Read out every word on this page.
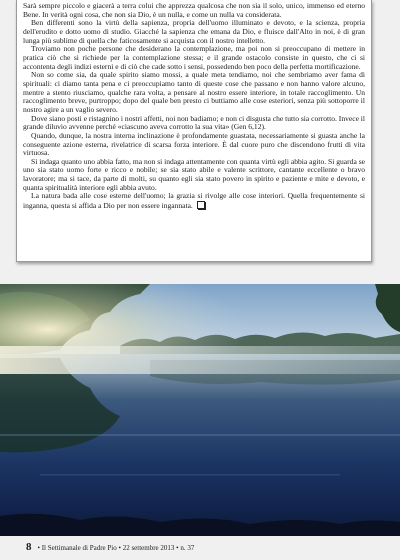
Sarà sempre piccolo e giacerà a terra colui che apprezza qualcosa che non sia il solo, unico, immenso ed eterno Bene. In verità ogni cosa, che non sia Dio, è un nulla, e come un nulla va considerata.

Ben differenti sono la virtù della sapienza, propria dell'uomo illuminato e devoto, e la scienza, propria dell'erudito e dotto uomo di studio. Giacché la sapienza che emana da Dio, e fluisce dall'Alto in noi, è di gran lunga più sublime di quella che faticosamente si acquista con il nostro intelletto.

Troviamo non poche persone che desiderano la contemplazione, ma poi non si preoccupano di mettere in pratica ciò che si richiede per la contemplazione stessa; e il grande ostacolo consiste in questo, che ci si accontenta degli indizi esterni e di ciò che cade sotto i sensi, possedendo ben poco della perfetta mortificazione.

Non so come sia, da quale spirito siamo mossi, a quale meta tendiamo, noi che sembriamo aver fama di spirituali: ci diamo tanta pena e ci preoccupiamo tanto di queste cose che passano e non hanno valore alcuno, mentre a stento riusciamo, qualche rara volta, a pensare al nostro essere interiore, in totale raccoglimento. Un raccoglimento breve, purtroppo; dopo del quale ben presto ci buttiamo alle cose esteriori, senza più sottoporre il nostro agire a un vaglio severo.

Dove siano posti e ristagnino i nostri affetti, noi non badiamo; e non ci disgusta che tutto sia corrotto. Invece il grande diluvio avvenne perché «ciascuno aveva corrotto la sua vita» (Gen 6,12).

Quando, dunque, la nostra interna inclinazione è profondamente guastata, necessariamente si guasta anche la conseguente azione esterna, rivelatrice di scarsa forza interiore. È dal cuore puro che discendono frutti di vita virtuosa.

Si indaga quanto uno abbia fatto, ma non si indaga attentamente con quanta virtù egli abbia agito. Si guarda se uno sia stato uomo forte e ricco e nobile; se sia stato abile e valente scrittore, cantante eccellente o bravo lavoratore; ma si tace, da parte di molti, su quanto egli sia stato povero in spirito e paziente e mite e devoto, e quanta spiritualità interiore egli abbia avuto.

La natura bada alle cose esterne dell'uomo; la grazia si rivolge alle cose interiori. Quella frequentemente si inganna, questa si affida a Dio per non essere ingannata.

8 • Il Settimanale di Padre Pio • 22 settembre 2013 • n. 37
